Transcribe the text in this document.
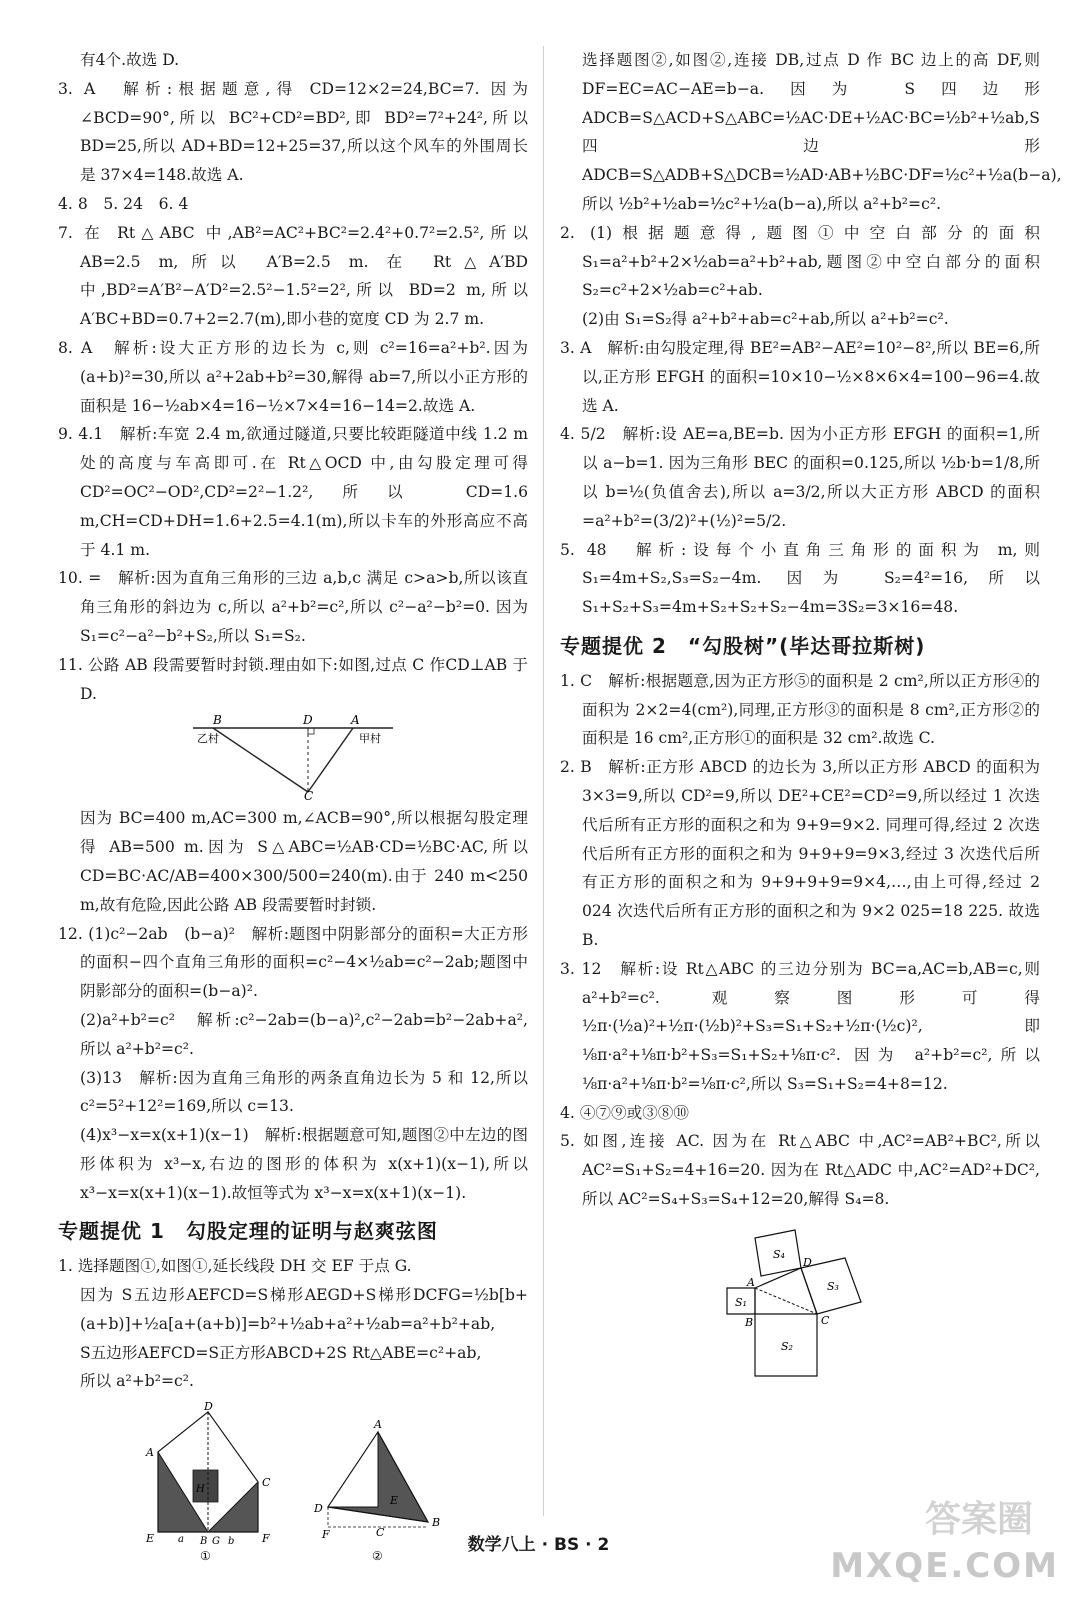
有4个.故选 D.

3. A　解析:根据题意,得 CD=12×2=24,BC=7. 因为∠BCD=90°,所以 BC²+CD²=BD²,即 BD²=7²+24²,所以 BD=25,所以 AD+BD=12+25=37,所以这个风车的外围周长是 37×4=148.故选 A.

4. 8　5. 24　6. 4

7. 在 Rt△ABC 中,AB²=AC²+BC²=2.4²+0.7²=2.5²,所以 AB=2.5 m,所以 A′B=2.5 m. 在 Rt△A′BD 中,BD²=A′B²−A′D²=2.5²−1.5²=2²,所以 BD=2 m,所以 A′BC+BD=0.7+2=2.7(m),即小巷的宽度 CD 为 2.7 m.

8. A　解析:设大正方形的边长为 c,则 c²=16=a²+b².因为(a+b)²=30,所以 a²+2ab+b²=30,解得 ab=7,所以小正方形的面积是 16−½ab×4=16−½×7×4=16−14=2.故选 A.

9. 4.1　解析:车宽 2.4 m,欲通过隧道,只要比较距隧道中线 1.2 m 处的高度与车高即可.在 Rt△OCD 中,由勾股定理可得 CD²=OC²−OD²,CD²=2²−1.2²,所以 CD=1.6 m,CH=CD+DH=1.6+2.5=4.1(m),所以卡车的外形高应不高于 4.1 m.

10. =　解析:因为直角三角形的三边 a,b,c 满足 c>a>b,所以该直角三角形的斜边为 c,所以 a²+b²=c²,所以 c²−a²−b²=0. 因为 S₁=c²−a²−b²+S₂,所以 S₁=S₂.

11. 公路 AB 段需要暂时封锁.理由如下:如图,过点 C 作CD⊥AB 于 D.

B	D	A
C
乙村	甲村

因为 BC=400 m,AC=300 m,∠ACB=90°,所以根据勾股定理得 AB=500 m.因为 S△ABC=½AB·CD=½BC·AC,所以 CD=BC·AC/AB=400×300/500=240(m).由于 240 m<250 m,故有危险,因此公路 AB 段需要暂时封锁.

12. (1)c²−2ab　(b−a)²　解析:题图中阴影部分的面积=大正方形的面积−四个直角三角形的面积=c²−4×½ab=c²−2ab;题图中阴影部分的面积=(b−a)².

(2)a²+b²=c²　解析:c²−2ab=(b−a)²,c²−2ab=b²−2ab+a²,所以 a²+b²=c².

(3)13　解析:因为直角三角形的两条直角边长为 5 和 12,所以 c²=5²+12²=169,所以 c=13.

(4)x³−x=x(x+1)(x−1)　解析:根据题意可知,题图②中左边的图形体积为 x³−x,右边的图形的体积为 x(x+1)(x−1),所以 x³−x=x(x+1)(x−1).故恒等式为 x³−x=x(x+1)(x−1).

专题提优 1　勾股定理的证明与赵爽弦图

1. 选择题图①,如图①,延长线段 DH 交 EF 于点 G.

因为 S五边形AEFCD=S梯形AEGD+S梯形DCFG=½b[b+(a+b)]+½a[a+(a+b)]=b²+½ab+a²+½ab=a²+b²+ab,

S五边形AEFCD=S正方形ABCD+2S Rt△ABE=c²+ab,

所以 a²+b²=c².

D
A
C
E	F
a B G b
H
①
A
D
B
C
E
F
②

选择题图②,如图②,连接 DB,过点 D 作 BC 边上的高 DF,则 DF=EC=AC−AE=b−a.因为 S四边形ADCB=S△ACD+S△ABC=½AC·DE+½AC·BC=½b²+½ab,S四边形ADCB=S△ADB+S△DCB=½AD·AB+½BC·DF=½c²+½a(b−a),所以 ½b²+½ab=½c²+½a(b−a),所以 a²+b²=c².

2. (1)根据题意得,题图①中空白部分的面积 S₁=a²+b²+2×½ab=a²+b²+ab,题图②中空白部分的面积 S₂=c²+2×½ab=c²+ab.

(2)由 S₁=S₂得 a²+b²+ab=c²+ab,所以 a²+b²=c².

3. A　解析:由勾股定理,得 BE²=AB²−AE²=10²−8²,所以 BE=6,所以,正方形 EFGH 的面积=10×10−½×8×6×4=100−96=4.故选 A.

4. 5/2　解析:设 AE=a,BE=b. 因为小正方形 EFGH 的面积=1,所以 a−b=1. 因为三角形 BEC 的面积=0.125,所以 ½b·b=1/8,所以 b=½(负值舍去),所以 a=3/2,所以大正方形 ABCD 的面积=a²+b²=(3/2)²+(½)²=5/2.

5. 48　解析:设每个小直角三角形的面积为 m,则 S₁=4m+S₂,S₃=S₂−4m. 因为 S₂=4²=16,所以 S₁+S₂+S₃=4m+S₂+S₂+S₂−4m=3S₂=3×16=48.

专题提优 2　“勾股树”(毕达哥拉斯树)

1. C　解析:根据题意,因为正方形⑤的面积是 2 cm²,所以正方形④的面积为 2×2=4(cm²),同理,正方形③的面积是 8 cm²,正方形②的面积是 16 cm²,正方形①的面积是 32 cm².故选 C.

2. B　解析:正方形 ABCD 的边长为 3,所以正方形 ABCD 的面积为 3×3=9,所以 CD²=9,所以 DE²+CE²=CD²=9,所以经过 1 次迭代后所有正方形的面积之和为 9+9=9×2. 同理可得,经过 2 次迭代后所有正方形的面积之和为 9+9+9=9×3,经过 3 次迭代后所有正方形的面积之和为 9+9+9+9=9×4,…,由上可得,经过 2 024 次迭代后所有正方形的面积之和为 9×2 025=18 225. 故选 B.

3. 12　解析:设 Rt△ABC 的三边分别为 BC=a,AC=b,AB=c,则 a²+b²=c². 观察图形可得 ½π·(½a)²+½π·(½b)²+S₃=S₁+S₂+½π·(½c)²,即 ⅛π·a²+⅛π·b²+S₃=S₁+S₂+⅛π·c². 因为 a²+b²=c²,所以 ⅛π·a²+⅛π·b²=⅛π·c²,所以 S₃=S₁+S₂=4+8=12.

4. ④⑦⑨或③⑧⑩

5. 如图,连接 AC. 因为在 Rt△ABC 中,AC²=AB²+BC²,所以 AC²=S₁+S₂=4+16=20. 因为在 Rt△ADC 中,AC²=AD²+DC²,所以 AC²=S₄+S₃=S₄+12=20,解得 S₄=8.

S₄
S₃
S₁
S₂
A
D
B	C
数学八上 · BS · 2
答案圈
MXQE.COM
